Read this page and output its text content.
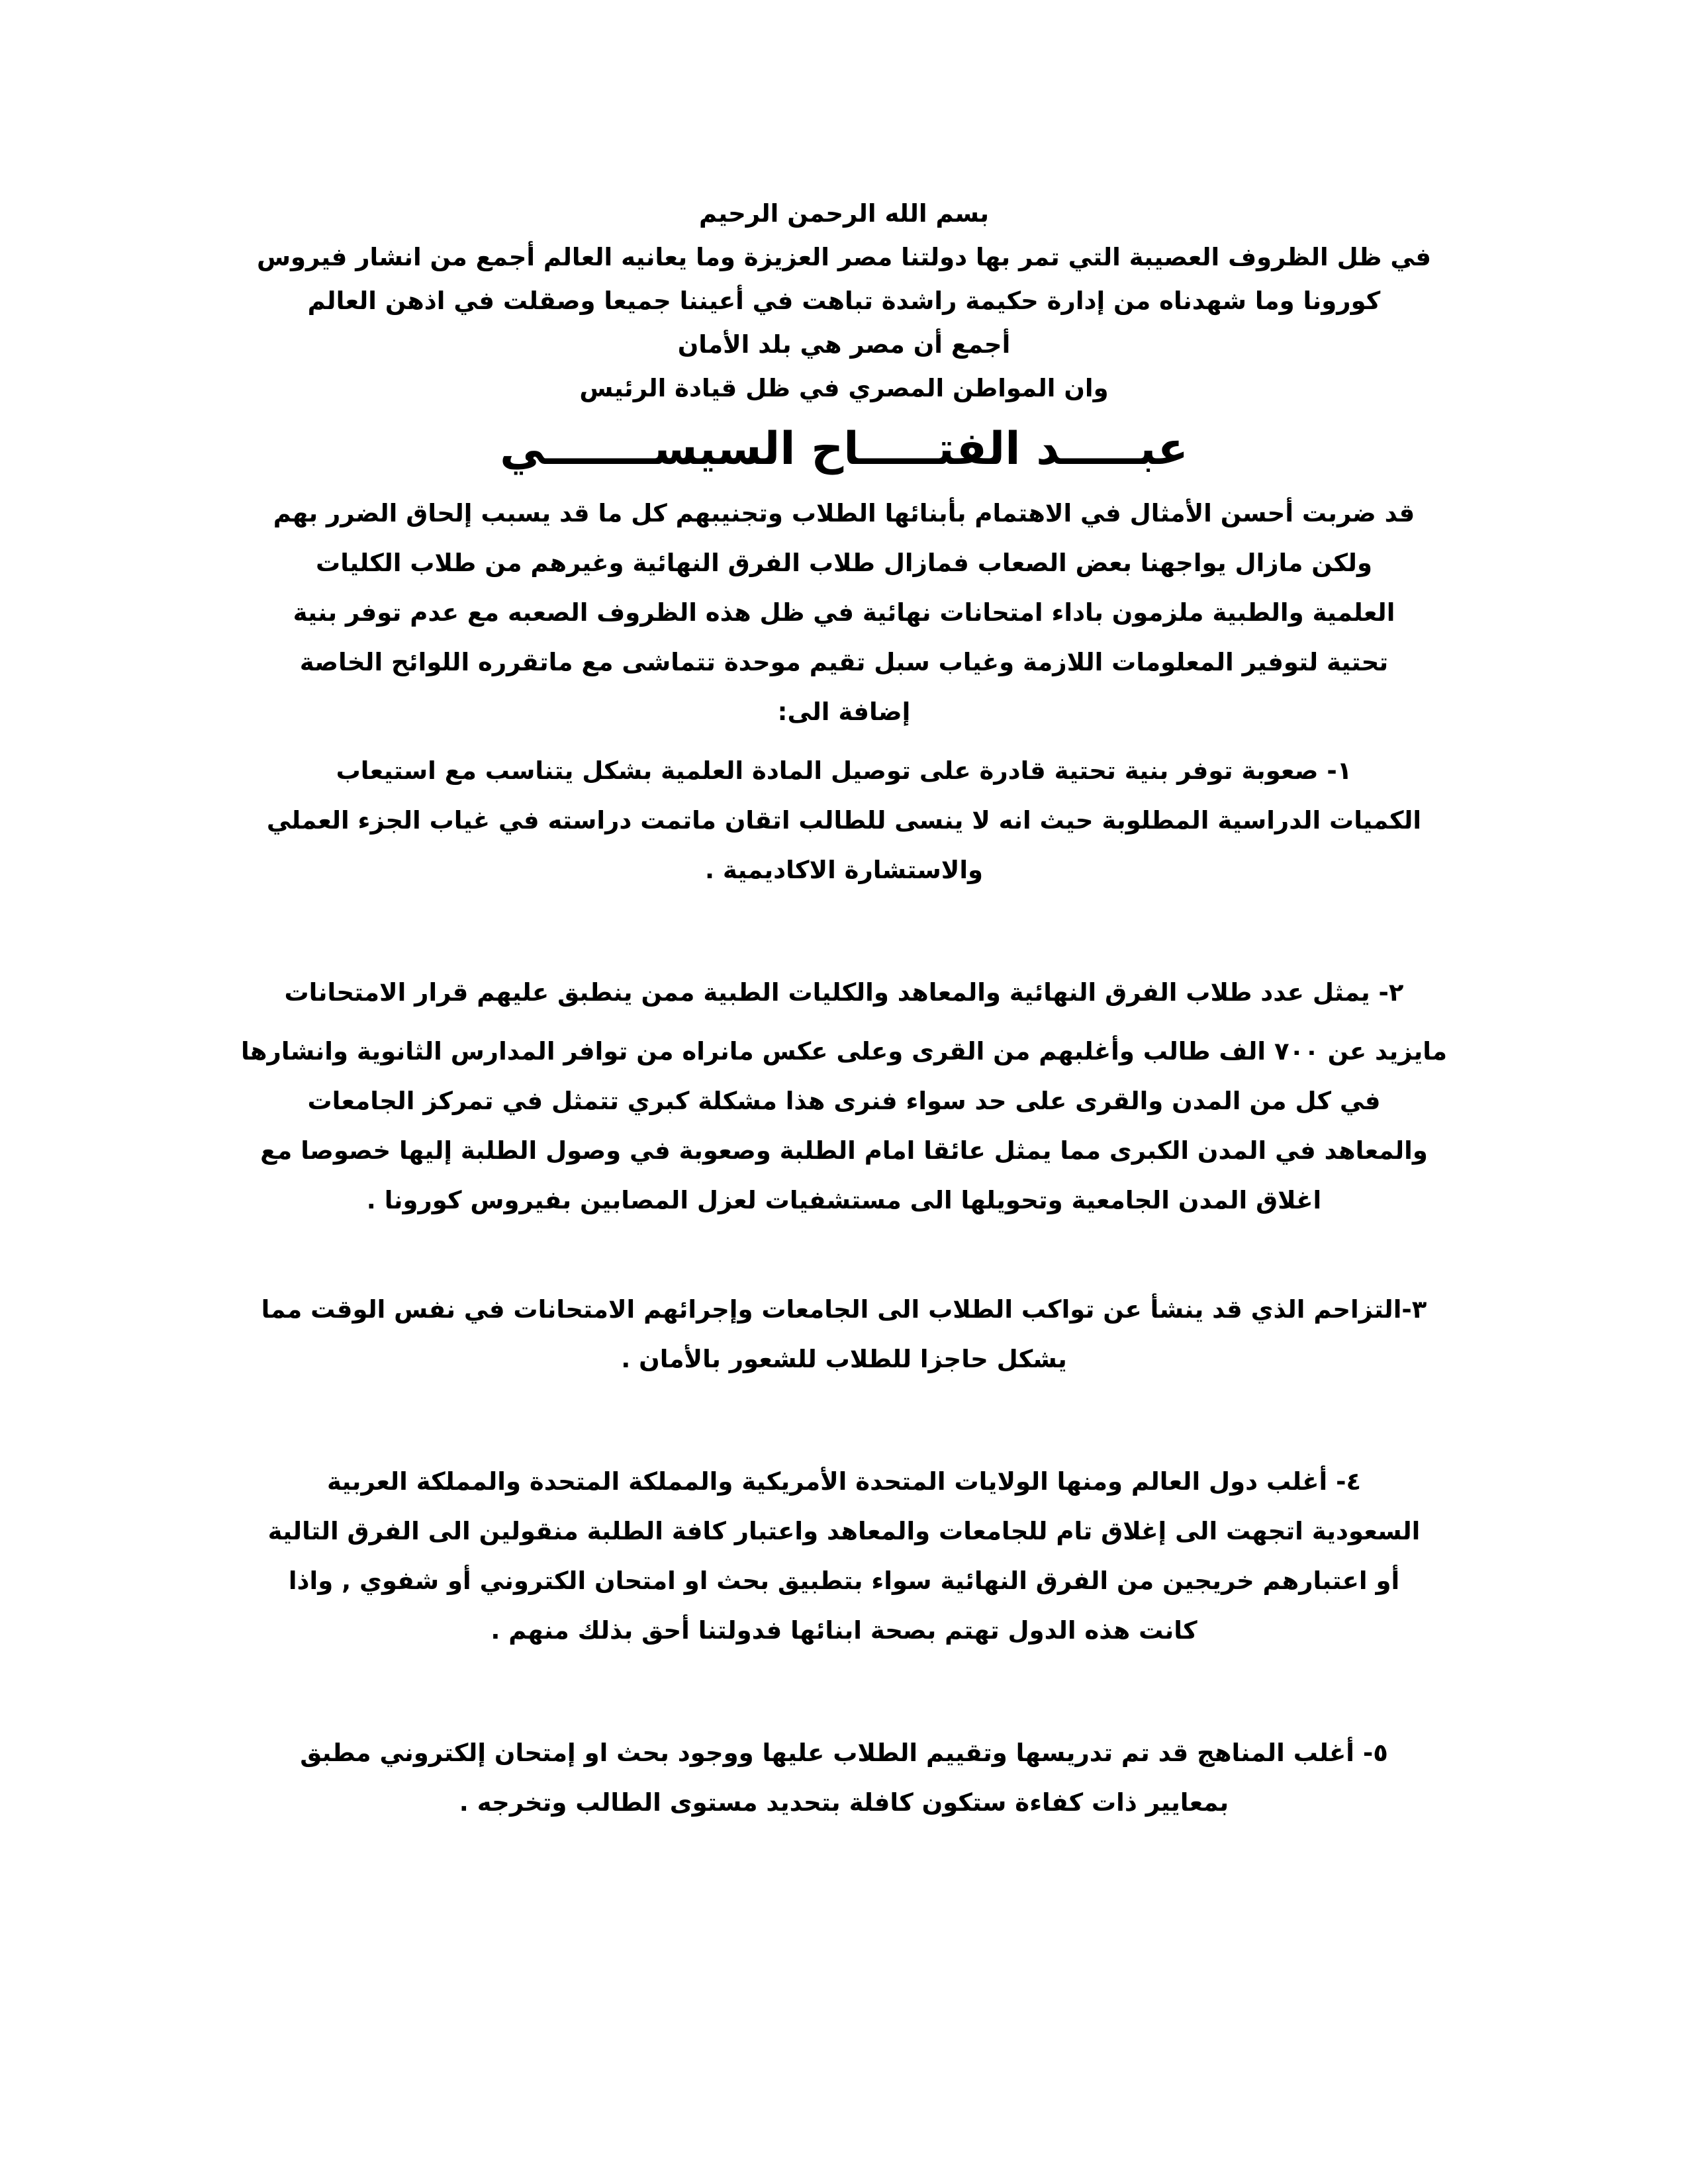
بسم الله الرحمن الرحيم
في ظل الظروف العصيبة التي تمر بها دولتنا مصر العزيزة وما يعانيه العالم أجمع من انشار فيروس
كورونا وما شهدناه من إدارة حكيمة راشدة تباهت في أعيننا جميعا وصقلت في اذهن العالم
أجمع أن مصر هي بلد الأمان
وان المواطن المصري في ظل قيادة الرئيس
عبـــــد الفتـــــاح السيســـــــي
قد ضربت أحسن الأمثال في الاهتمام بأبنائها الطلاب وتجنيبهم كل ما قد يسبب إلحاق الضرر بهم
ولكن مازال يواجهنا بعض الصعاب فمازال طلاب الفرق النهائية وغيرهم من طلاب الكليات
العلمية والطبية ملزمون باداء امتحانات نهائية في ظل هذه الظروف الصعبه مع عدم توفر بنية
تحتية لتوفير المعلومات اللازمة وغياب سبل تقيم موحدة تتماشى مع ماتقرره اللوائح الخاصة
إضافة الى:
١- صعوبة توفر بنية تحتية قادرة على توصيل المادة العلمية بشكل يتناسب مع استيعاب
الكميات الدراسية المطلوبة حيث انه لا ينسى للطالب اتقان ماتمت دراسته في غياب الجزء العملي
والاستشارة الاكاديمية .
٢- يمثل عدد طلاب الفرق النهائية والمعاهد والكليات الطبية ممن ينطبق عليهم قرار الامتحانات
مايزيد عن ٧٠٠ الف طالب وأغلبهم من القرى وعلى عكس مانراه من توافر المدارس الثانوية وانشارها
في كل من المدن والقرى على حد سواء فنرى هذا مشكلة كبري تتمثل في تمركز الجامعات
والمعاهد في المدن الكبرى مما يمثل عائقا امام الطلبة وصعوبة في وصول الطلبة إليها خصوصا مع
اغلاق المدن الجامعية وتحويلها الى مستشفيات لعزل المصابين بفيروس كورونا .
٣-التزاحم الذي قد ينشأ عن تواكب الطلاب الى الجامعات وإجرائهم الامتحانات في نفس الوقت مما
يشكل حاجزا للطلاب للشعور بالأمان .
٤- أغلب دول العالم ومنها الولايات المتحدة الأمريكية والمملكة المتحدة والمملكة العربية
السعودية اتجهت الى إغلاق تام للجامعات والمعاهد واعتبار كافة الطلبة منقولين الى الفرق التالية
أو اعتبارهم خريجين من الفرق النهائية سواء بتطبيق بحث او امتحان الكتروني أو شفوي , واذا
كانت هذه الدول تهتم بصحة ابنائها فدولتنا أحق بذلك منهم .
٥- أغلب المناهج قد تم تدريسها وتقييم الطلاب عليها ووجود بحث او إمتحان إلكتروني مطبق
بمعايير ذات كفاءة ستكون كافلة بتحديد مستوى الطالب وتخرجه .
